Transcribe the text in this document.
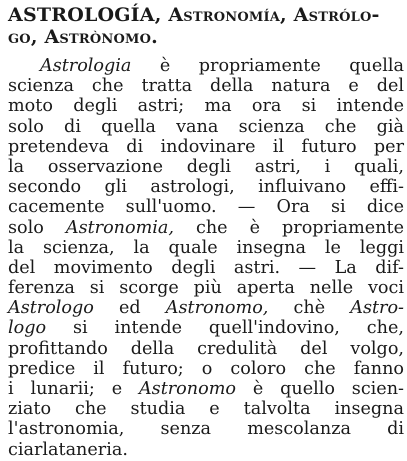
ASTROLOGÍA, Astronomía, Astrólo-
go, Astrònomo.
Astrologia è propriamente quella
scienza che tratta della natura e del
moto degli astri; ma ora si intende
solo di quella vana scienza che già
pretendeva di indovinare il futuro per
la osservazione degli astri, i quali,
secondo gli astrologi, influivano effi-
cacemente sull'uomo. — Ora si dice
solo Astronomia, che è propriamente
la scienza, la quale insegna le leggi
del movimento degli astri. — La dif-
ferenza si scorge più aperta nelle voci
Astrologo ed Astronomo, chè Astro-
logo si intende quell'indovino, che,
profittando della credulità del volgo,
predice il futuro; o coloro che fanno
i lunarii; e Astronomo è quello scien-
ziato che studia e talvolta insegna
l'astronomia, senza mescolanza di
ciarlataneria.
